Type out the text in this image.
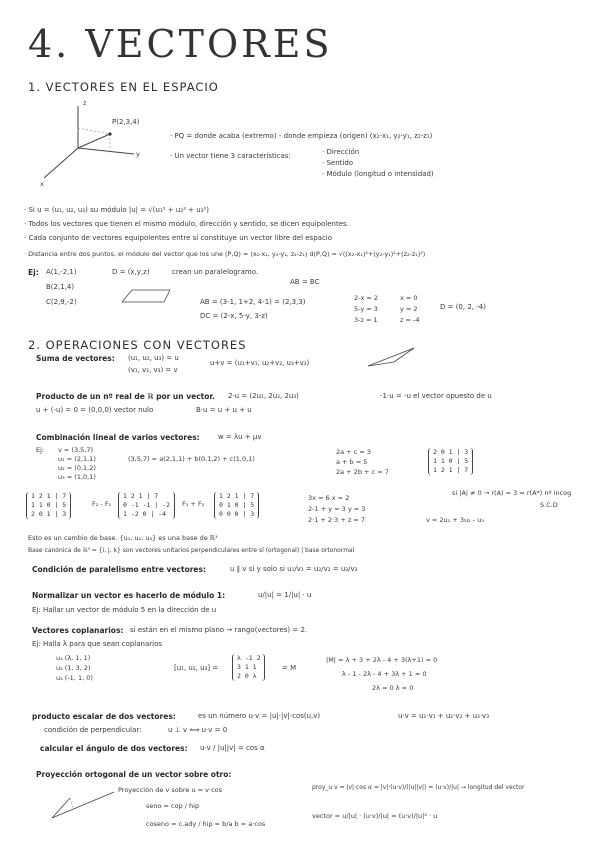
4. VECTORES
1. VECTORES EN EL ESPACIO
z
y
x
P(2,3,4)
· PQ = donde acaba (extremo) - donde empieza (origen) (x₂-x₁, y₂-y₁, z₂-z₁)
· Un vector tiene 3 características:	· Dirección
· Sentido
· Módulo (longitud o intensidad)
· Si u = (u₁, u₂, u₃) su módulo |u| = √(u₁² + u₂² + u₃²)
· Todos los vectores que tienen el mismo módulo, dirección y sentido, se dicen equipolentes.
· Cada conjunto de vectores equipolentes entre sí constituye un vector libre del espacio
· Distancia entre dos puntos, el módulo del vector que los une (P,Q) = (x₂-x₁, y₂-y₁, z₂-z₁) d(P,Q) = √((x₂-x₁)²+(y₂-y₁)²+(z₂-z₁)²)
Ej: A(1,-2,1)
B(2,1,4)
C(2,9,-2)
D = (x,y,z)	crean un paralelogramo.
AB = BC
AB = (3-1, 1+2, 4-1) = (2,3,3)
DC = (2-x, 5-y, 3-z)
2-x = 2
5-y = 3
3-z = 1
x = 0
y = 2
z = -4
D = (0, 2, -4)
2. OPERACIONES CON VECTORES
Suma de vectores: (u₁, u₂, u₃) = u
(v₁, v₂, v₃) = v
u+v = (u₁+v₁, u₂+v₂, u₃+v₃)
Producto de un nº real de ℝ por un vector. 2·u = (2u₁, 2u₂, 2u₃)	-1·u = -u el vector opuesto de u
u + (-u) = 0 = (0,0,0) vector nulo	B·u = u + u + u
Combinación lineal de varios vectores:	w = λu + μv
Ej: v = (3,5,7)
u₁ = (2,1,1)
u₂ = (0,1,2)
u₃ = (1,0,1)
(3,5,7) = a(2,1,1) + b(0,1,2) + c(1,0,1)
2a + c = 3
a + b = 5
2a + 2b + c = 7
2 0 1 | 3
1 1 0 | 5
1 2 1 | 7
1 2 1 | 7
1 1 0 | 5
2 0 1 | 3
F₂ - F₁
1 2 1 | 7
0 -1 -1 | -2
1 -2 0 | -4
F₃ + F₂
1 2 1 | 7
0 1 0 | 5
0 0 0 | 3
3x = 6 x = 2
2-1 + y = 3 y = 3
2·1 + 2·3 + z = 7	v = 2u₁ + 3u₂ - u₃
si |A| ≠ 0 → r(A) = 3 = r(A*) nº incog
S.C.D
Esto es un cambio de base. {u₁, u₂, u₃} es una base de ℝ³
Base canónica de ℝ³ = {i, j, k} son vectores unitarios perpendiculares entre sí (ortogonal) | base ortonormal
Condición de paralelismo entre vectores:	u ∥ v si y solo si u₁/v₁ = u₂/v₂ = u₃/v₃
Normalizar un vector es hacerlo de módulo 1:	u/|u| = 1/|u| · u
Ej: Hallar un vector de módulo 5 en la dirección de u
Vectores coplanarios: si están en el mismo plano → rango(vectores) = 2.
Ej: Halla λ para que sean coplanarios
u₁ (λ, 1, 1)
u₂ (1, 3, 2)
u₃ (-1, 1, 0)
[u₁, u₂, u₃] =
λ -1 2
3 1 1
2 0 λ
= M
|M| = λ + 3 + 2λ - 4 + 3(λ+1) = 0
λ - 1 - 2λ - 4 + 3λ + 1 = 0
2λ = 0 λ = 0
producto escalar de dos vectores:	es un número u·v = |u|·|v|·cos(u,v)	u·v = u₁·v₁ + u₂·v₂ + u₃·v₃
condición de perpendicular:	u ⊥ v ⟺ u·v = 0
calcular el ángulo de dos vectores: u·v / |u||v| = cos α
Proyección ortogonal de un vector sobre otro:
Proyección de v sobre u = v·cos
seno = cop / hip
coseno = c.ady / hip = b/a b = a·cos
proy_u v = |v|·cos α = |v|·(u·v)/(|u||v|) = (u·v)/|u| → longitud del vector
vector = u/|u| · (u·v)/|u| = (u·v)/|u|² · u
